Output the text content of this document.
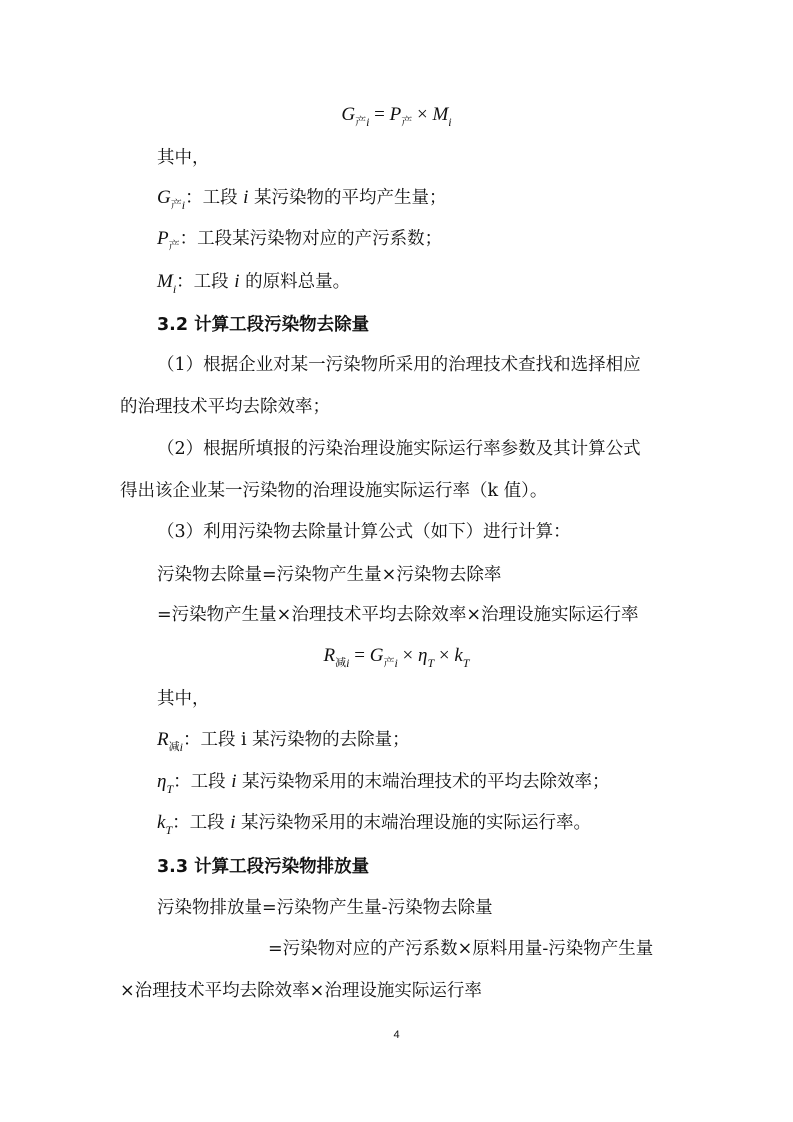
$G_{产i} = P_产 \times M_i$
其中，
$G_{产i}$：工段 i 某污染物的平均产生量；
$P_产$：工段某污染物对应的产污系数；
$M_i$：工段 i 的原料总量。
3.2 计算工段污染物去除量
（1）根据企业对某一污染物所采用的治理技术查找和选择相应
的治理技术平均去除效率；
（2）根据所填报的污染治理设施实际运行率参数及其计算公式
得出该企业某一污染物的治理设施实际运行率（k 值）。
（3）利用污染物去除量计算公式（如下）进行计算：
污染物去除量=污染物产生量×污染物去除率
=污染物产生量×治理技术平均去除效率×治理设施实际运行率
$R_{减i} = G_{产i} \times \eta_T \times k_T$
其中，
$R_{减i}$：工段 i 某污染物的去除量；
$\eta_T$：工段 i 某污染物采用的末端治理技术的平均去除效率；
$k_T$：工段 i 某污染物采用的末端治理设施的实际运行率。
3.3 计算工段污染物排放量
污染物排放量=污染物产生量-污染物去除量
=污染物对应的产污系数×原料用量-污染物产生量
×治理技术平均去除效率×治理设施实际运行率
4
